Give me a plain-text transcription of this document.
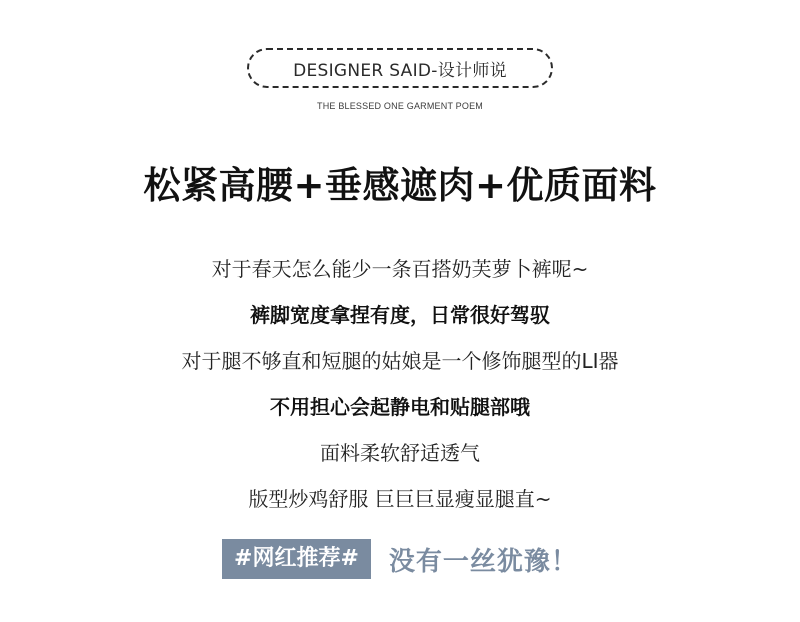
DESIGNER SAID-设计师说
THE BLESSED ONE GARMENT POEM
松紧高腰+垂感遮肉+优质面料
对于春天怎么能少一条百搭奶芙萝卜裤呢~
裤脚宽度拿捏有度，日常很好驾驭
对于腿不够直和短腿的姑娘是一个修饰腿型的LI器
不用担心会起静电和贴腿部哦
面料柔软舒适透气
版型炒鸡舒服 巨巨巨显瘦显腿直~
#网红推荐#	没有一丝犹豫！
